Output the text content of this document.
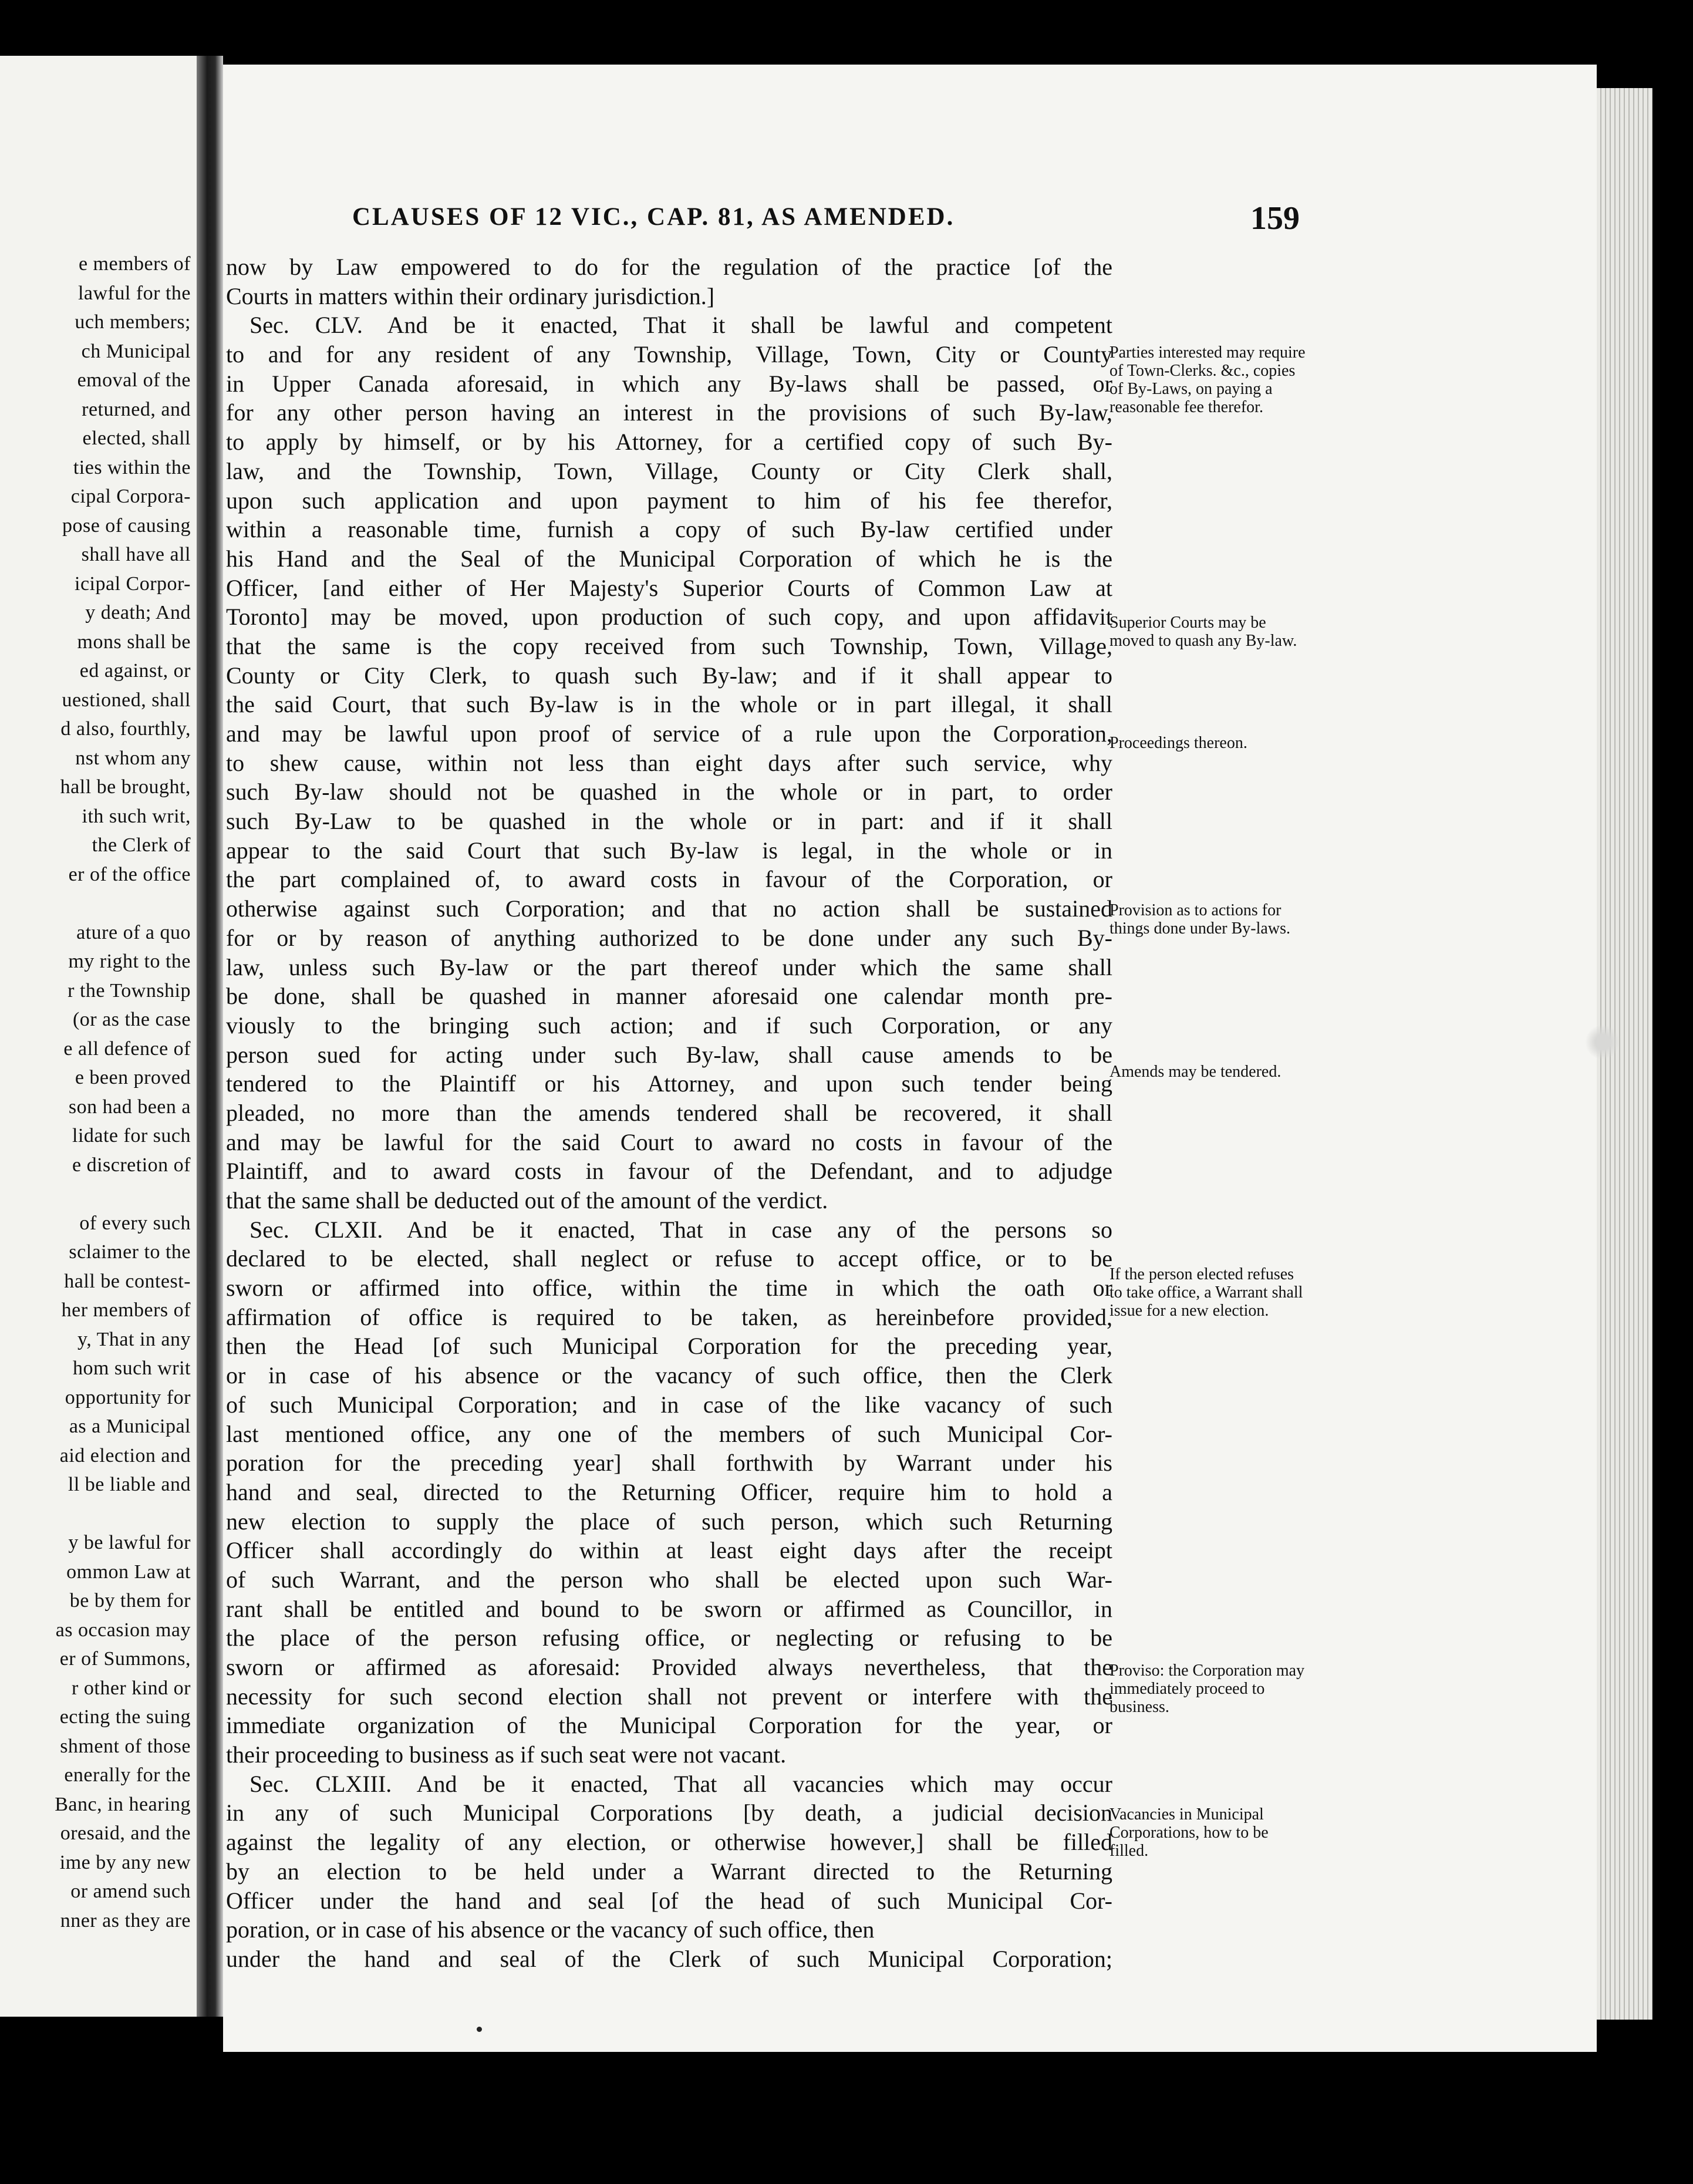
e members of
lawful for the
uch members;
ch Municipal
emoval of the
returned, and
elected, shall
ties within the
cipal Corpora-
pose of causing
shall have all
icipal Corpor-
y death; And
mons shall be
ed against, or
uestioned, shall
d also, fourthly,
nst whom any
hall be brought,
ith such writ,
the Clerk of
er of the office
ature of a quo
my right to the
r the Township
(or as the case
e all defence of
e been proved
son had been a
lidate for such
e discretion of
of every such
sclaimer to the
hall be contest-
her members of
y, That in any
hom such writ
opportunity for
as a Municipal
aid election and
ll be liable and
y be lawful for
ommon Law at
be by them for
as occasion may
er of Summons,
r other kind or
ecting the suing
shment of those
enerally for the
Banc, in hearing
oresaid, and the
ime by any new
or amend such
nner as they are
CLAUSES OF 12 VIC., CAP. 81, AS AMENDED.	159
now by Law empowered to do for the regulation of the practice [of the
Courts in matters within their ordinary jurisdiction.]
Sec. CLV. And be it enacted, That it shall be lawful and competent
to and for any resident of any Township, Village, Town, City or County
in Upper Canada aforesaid, in which any By-laws shall be passed, or
for any other person having an interest in the provisions of such By-law,
to apply by himself, or by his Attorney, for a certified copy of such By-
law, and the Township, Town, Village, County or City Clerk shall,
upon such application and upon payment to him of his fee therefor,
within a reasonable time, furnish a copy of such By-law certified under
his Hand and the Seal of the Municipal Corporation of which he is the
Officer, [and either of Her Majesty's Superior Courts of Common Law at
Toronto] may be moved, upon production of such copy, and upon affidavit
that the same is the copy received from such Township, Town, Village,
County or City Clerk, to quash such By-law; and if it shall appear to
the said Court, that such By-law is in the whole or in part illegal, it shall
and may be lawful upon proof of service of a rule upon the Corporation,
to shew cause, within not less than eight days after such service, why
such By-law should not be quashed in the whole or in part, to order
such By-Law to be quashed in the whole or in part: and if it shall
appear to the said Court that such By-law is legal, in the whole or in
the part complained of, to award costs in favour of the Corporation, or
otherwise against such Corporation; and that no action shall be sustained
for or by reason of anything authorized to be done under any such By-
law, unless such By-law or the part thereof under which the same shall
be done, shall be quashed in manner aforesaid one calendar month pre-
viously to the bringing such action; and if such Corporation, or any
person sued for acting under such By-law, shall cause amends to be
tendered to the Plaintiff or his Attorney, and upon such tender being
pleaded, no more than the amends tendered shall be recovered, it shall
and may be lawful for the said Court to award no costs in favour of the
Plaintiff, and to award costs in favour of the Defendant, and to adjudge
that the same shall be deducted out of the amount of the verdict.
Sec. CLXII. And be it enacted, That in case any of the persons so
declared to be elected, shall neglect or refuse to accept office, or to be
sworn or affirmed into office, within the time in which the oath or
affirmation of office is required to be taken, as hereinbefore provided,
then the Head [of such Municipal Corporation for the preceding year,
or in case of his absence or the vacancy of such office, then the Clerk
of such Municipal Corporation; and in case of the like vacancy of such
last mentioned office, any one of the members of such Municipal Cor-
poration for the preceding year] shall forthwith by Warrant under his
hand and seal, directed to the Returning Officer, require him to hold a
new election to supply the place of such person, which such Returning
Officer shall accordingly do within at least eight days after the receipt
of such Warrant, and the person who shall be elected upon such War-
rant shall be entitled and bound to be sworn or affirmed as Councillor, in
the place of the person refusing office, or neglecting or refusing to be
sworn or affirmed as aforesaid: Provided always nevertheless, that the
necessity for such second election shall not prevent or interfere with the
immediate organization of the Municipal Corporation for the year, or
their proceeding to business as if such seat were not vacant.
Sec. CLXIII. And be it enacted, That all vacancies which may occur
in any of such Municipal Corporations [by death, a judicial decision
against the legality of any election, or otherwise however,] shall be filled
by an election to be held under a Warrant directed to the Returning
Officer under the hand and seal [of the head of such Municipal Cor-
poration, or in case of his absence or the vacancy of such office, then
under the hand and seal of the Clerk of such Municipal Corporation;
Parties interested may require of Town-Clerks. &c., copies of By-Laws, on paying a reasonable fee therefor.
Superior Courts may be moved to quash any By-law.
Proceedings thereon.
Provision as to actions for things done under By-laws.
Amends may be tendered.
If the person elected refuses to take office, a Warrant shall issue for a new election.
Proviso: the Corporation may immediately proceed to business.
Vacancies in Municipal Corporations, how to be filled.
